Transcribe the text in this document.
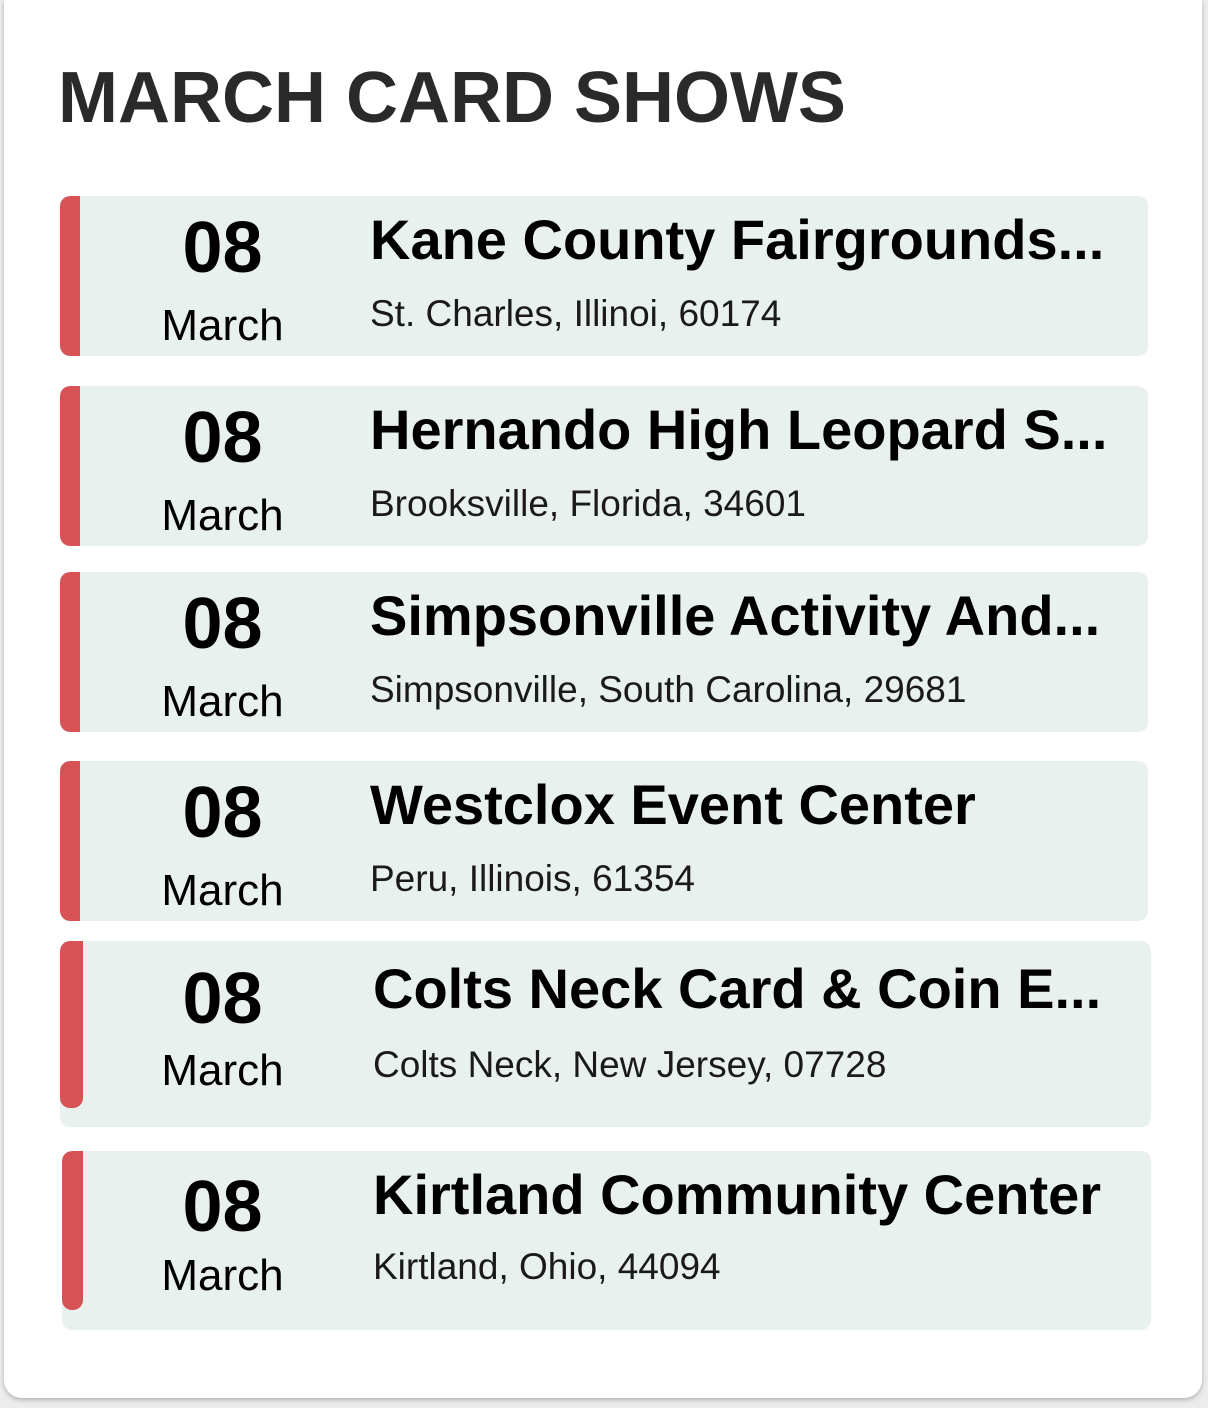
MARCH CARD SHOWS
08
March
Kane County Fairgrounds...
St. Charles, Illinoi, 60174
08
March
Hernando High Leopard S...
Brooksville, Florida, 34601
08
March
Simpsonville Activity And...
Simpsonville, South Carolina, 29681
08
March
Westclox Event Center
Peru, Illinois, 61354
08
March
Colts Neck Card & Coin E...
Colts Neck, New Jersey, 07728
08
March
Kirtland Community Center
Kirtland, Ohio, 44094
